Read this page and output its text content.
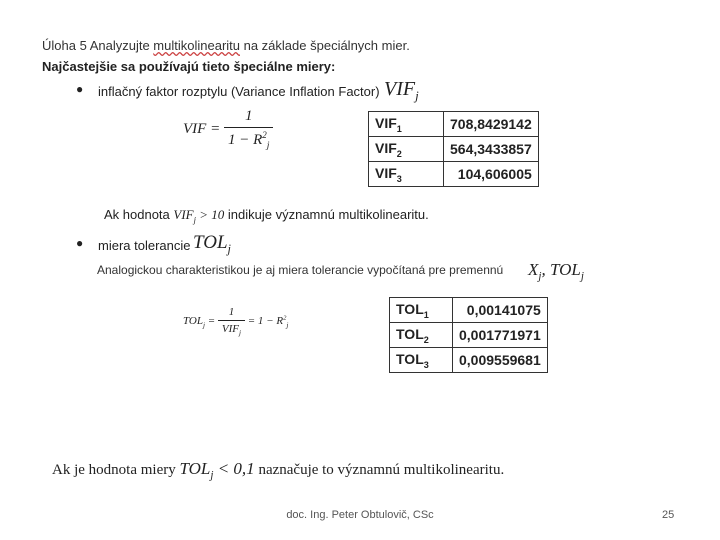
Úloha 5 Analyzujte multikolinearitu na základe špeciálnych mier.
Najčastejšie sa používajú tieto špeciálne miery:
● inflačný faktor rozptylu (Variance Inflation Factor) $VIF_j$
VIF = $\frac{1}{1 - R^2_j}$	$VIF_1$	708,8429142
$VIF_2$	564,3433857
$VIF_3$	104,606005
Ak hodnota $VIF_j > 10$ indikuje významnú multikolinearitu.
● miera tolerancie $TOL_j$
Analogickou charakteristikou je aj miera tolerancie vypočítaná pre premennú $X_j$, $TOL_j$
$TOL_j = \frac{1}{VIF_j} = 1 - R^2_j$
$TOL_1$	0,00141075
$TOL_2$	0,001771971
$TOL_3$	0,009559681
Ak je hodnota miery $TOL_j < 0,1$ naznačuje to významnú multikolinearitu.
doc. Ing. Peter Obtulovič, CSc	25
